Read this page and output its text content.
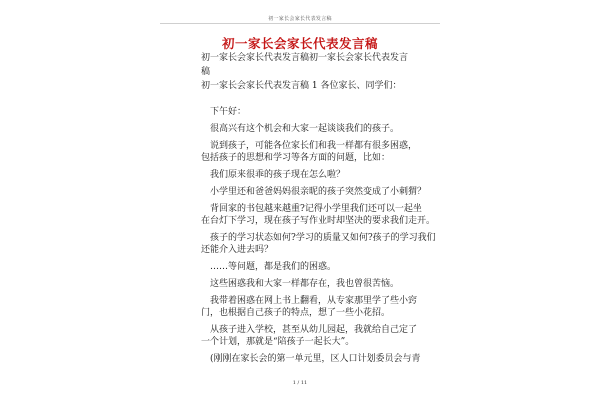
初一家长会家长代表发言稿
初一家长会家长代表发言稿

初一家长会家长代表发言稿初一家长会家长代表发言

稿

初一家长会家长代表发言稿 1 各位家长、同学们：

下午好：

很高兴有这个机会和大家一起谈谈我们的孩子。

说到孩子，可能各位家长们和我一样都有很多困惑，

包括孩子的思想和学习等各方面的问题，比如：

我们原来很乖的孩子现在怎么啦？

小学里还和爸爸妈妈很亲昵的孩子突然变成了小刺猬？

背回家的书包越来越重?记得小学里我们还可以一起坐

在台灯下学习，现在孩子写作业时却坚决的要求我们走开。

孩子的学习状态如何?学习的质量又如何?孩子的学习我们

还能介入进去吗？

……等问题，都是我们的困惑。

这些困惑我和大家一样都存在，我也曾很苦恼。

我带着困惑在网上书上翻看，从专家那里学了些小窍

门，也根据自己孩子的特点，想了一些小花招。

从孩子进入学校，甚至从幼儿园起，我就给自己定了

一个计划，那就是“陪孩子一起长大”。

(刚刚在家长会的第一单元里，区人口计划委员会与青

1 / 11
